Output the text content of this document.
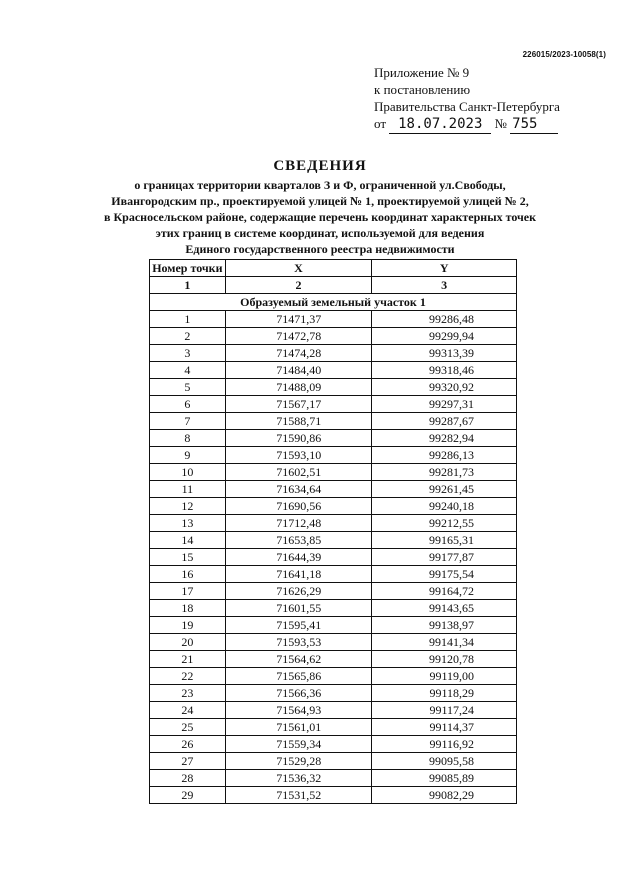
226015/2023-10058(1)
Приложение № 9
к постановлению
Правительства Санкт-Петербурга
от 18.07.2023 № 755
СВЕДЕНИЯ
о границах территории кварталов З и Ф, ограниченной ул.Свободы,
Ивангородским пр., проектируемой улицей № 1, проектируемой улицей № 2,
в Красносельском районе, содержащие перечень координат характерных точек
этих границ в системе координат, используемой для ведения
Единого государственного реестра недвижимости
Номер точки	X	Y
1	2	3
Образуемый земельный участок 1		
1	71471,37	99286,48
2	71472,78	99299,94
3	71474,28	99313,39
4	71484,40	99318,46
5	71488,09	99320,92
6	71567,17	99297,31
7	71588,71	99287,67
8	71590,86	99282,94
9	71593,10	99286,13
10	71602,51	99281,73
11	71634,64	99261,45
12	71690,56	99240,18
13	71712,48	99212,55
14	71653,85	99165,31
15	71644,39	99177,87
16	71641,18	99175,54
17	71626,29	99164,72
18	71601,55	99143,65
19	71595,41	99138,97
20	71593,53	99141,34
21	71564,62	99120,78
22	71565,86	99119,00
23	71566,36	99118,29
24	71564,93	99117,24
25	71561,01	99114,37
26	71559,34	99116,92
27	71529,28	99095,58
28	71536,32	99085,89
29	71531,52	99082,29
